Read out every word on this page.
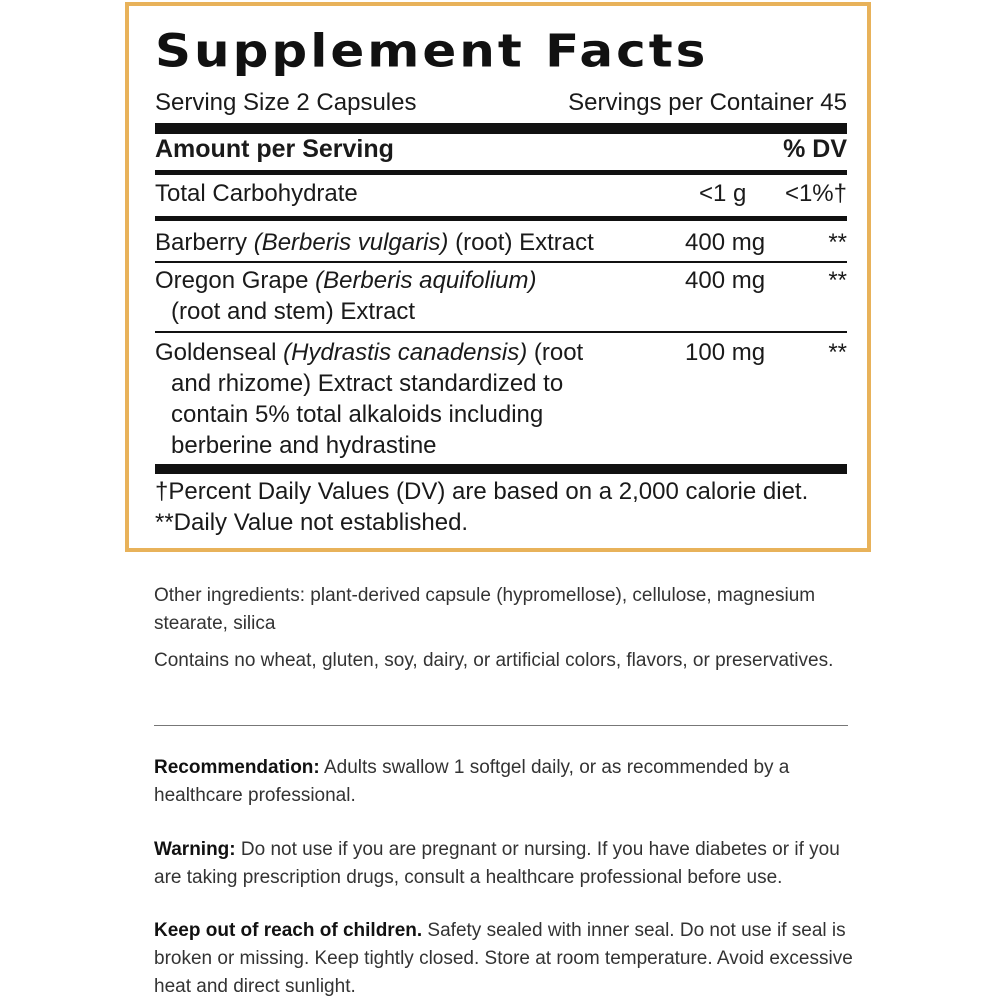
Supplement Facts
Serving Size 2 Capsules	Servings per Container 45
Amount per Serving	% DV
Total Carbohydrate	<1 g <1%†
Barberry (Berberis vulgaris) (root) Extract	400 mg	**
Oregon Grape (Berberis aquifolium)
(root and stem) Extract
400 mg	**
Goldenseal (Hydrastis canadensis) (root
and rhizome) Extract standardized to
contain 5% total alkaloids including
berberine and hydrastine
100 mg	**
†Percent Daily Values (DV) are based on a 2,000 calorie diet.
**Daily Value not established.
Other ingredients: plant-derived capsule (hypromellose), cellulose, magnesium stearate, silica
Contains no wheat, gluten, soy, dairy, or artificial colors, flavors, or preservatives.
Recommendation: Adults swallow 1 softgel daily, or as recommended by a healthcare professional.
Warning: Do not use if you are pregnant or nursing. If you have diabetes or if you are taking prescription drugs, consult a healthcare professional before use.
Keep out of reach of children. Safety sealed with inner seal. Do not use if seal is broken or missing. Keep tightly closed. Store at room temperature. Avoid excessive heat and direct sunlight.
